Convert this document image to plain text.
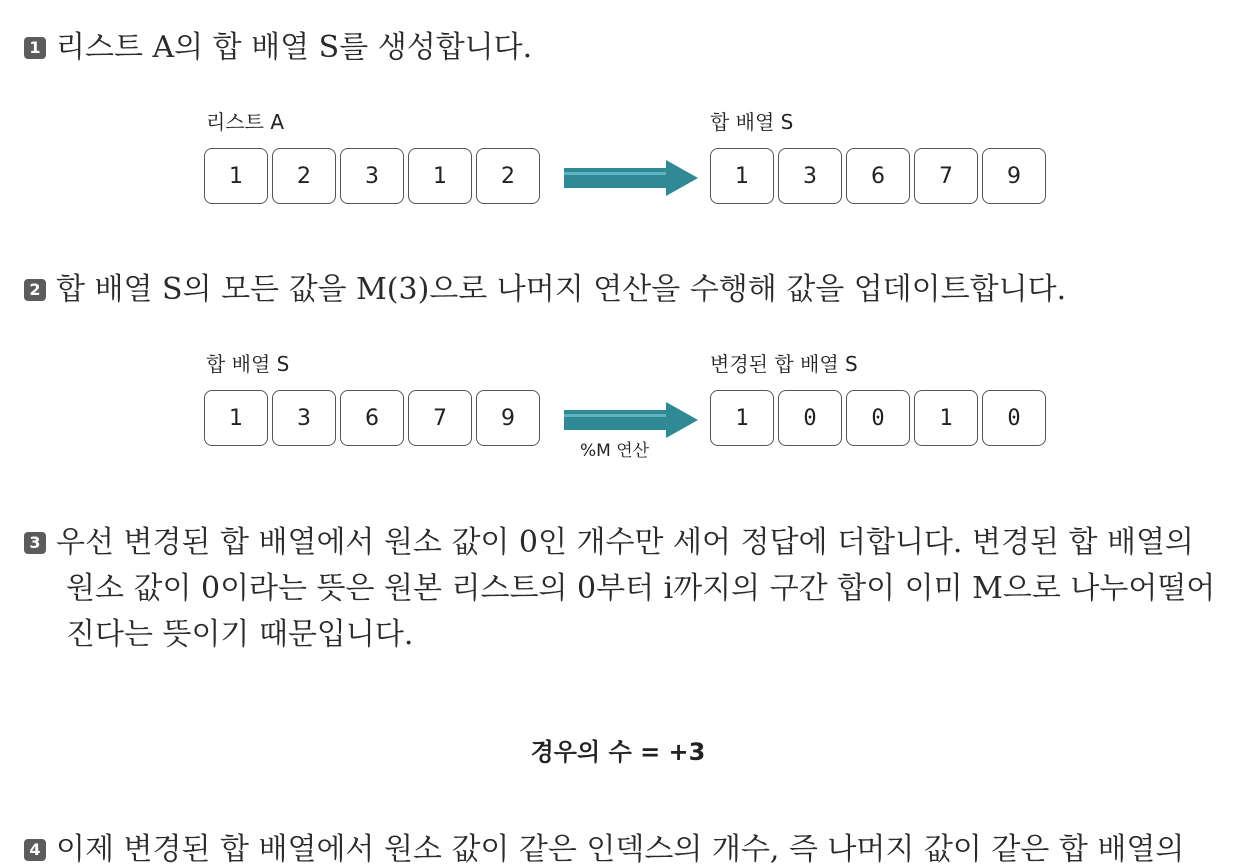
1 리스트 A의 합 배열 S를 생성합니다.
리스트 A
1	2	3	1	2
합 배열 S
1	3	6	7	9
2 합 배열 S의 모든 값을 M(3)으로 나머지 연산을 수행해 값을 업데이트합니다.
합 배열 S
1	3	6	7	9
%M 연산
변경된 합 배열 S
1	0	0	1	0
3 우선 변경된 합 배열에서 원소 값이 0인 개수만 세어 정답에 더합니다. 변경된 합 배열의
원소 값이 0이라는 뜻은 원본 리스트의 0부터 i까지의 구간 합이 이미 M으로 나누어떨어
진다는 뜻이기 때문입니다.
경우의 수 = +3
4 이제 변경된 합 배열에서 원소 값이 같은 인덱스의 개수, 즉 나머지 값이 같은 합 배열의
